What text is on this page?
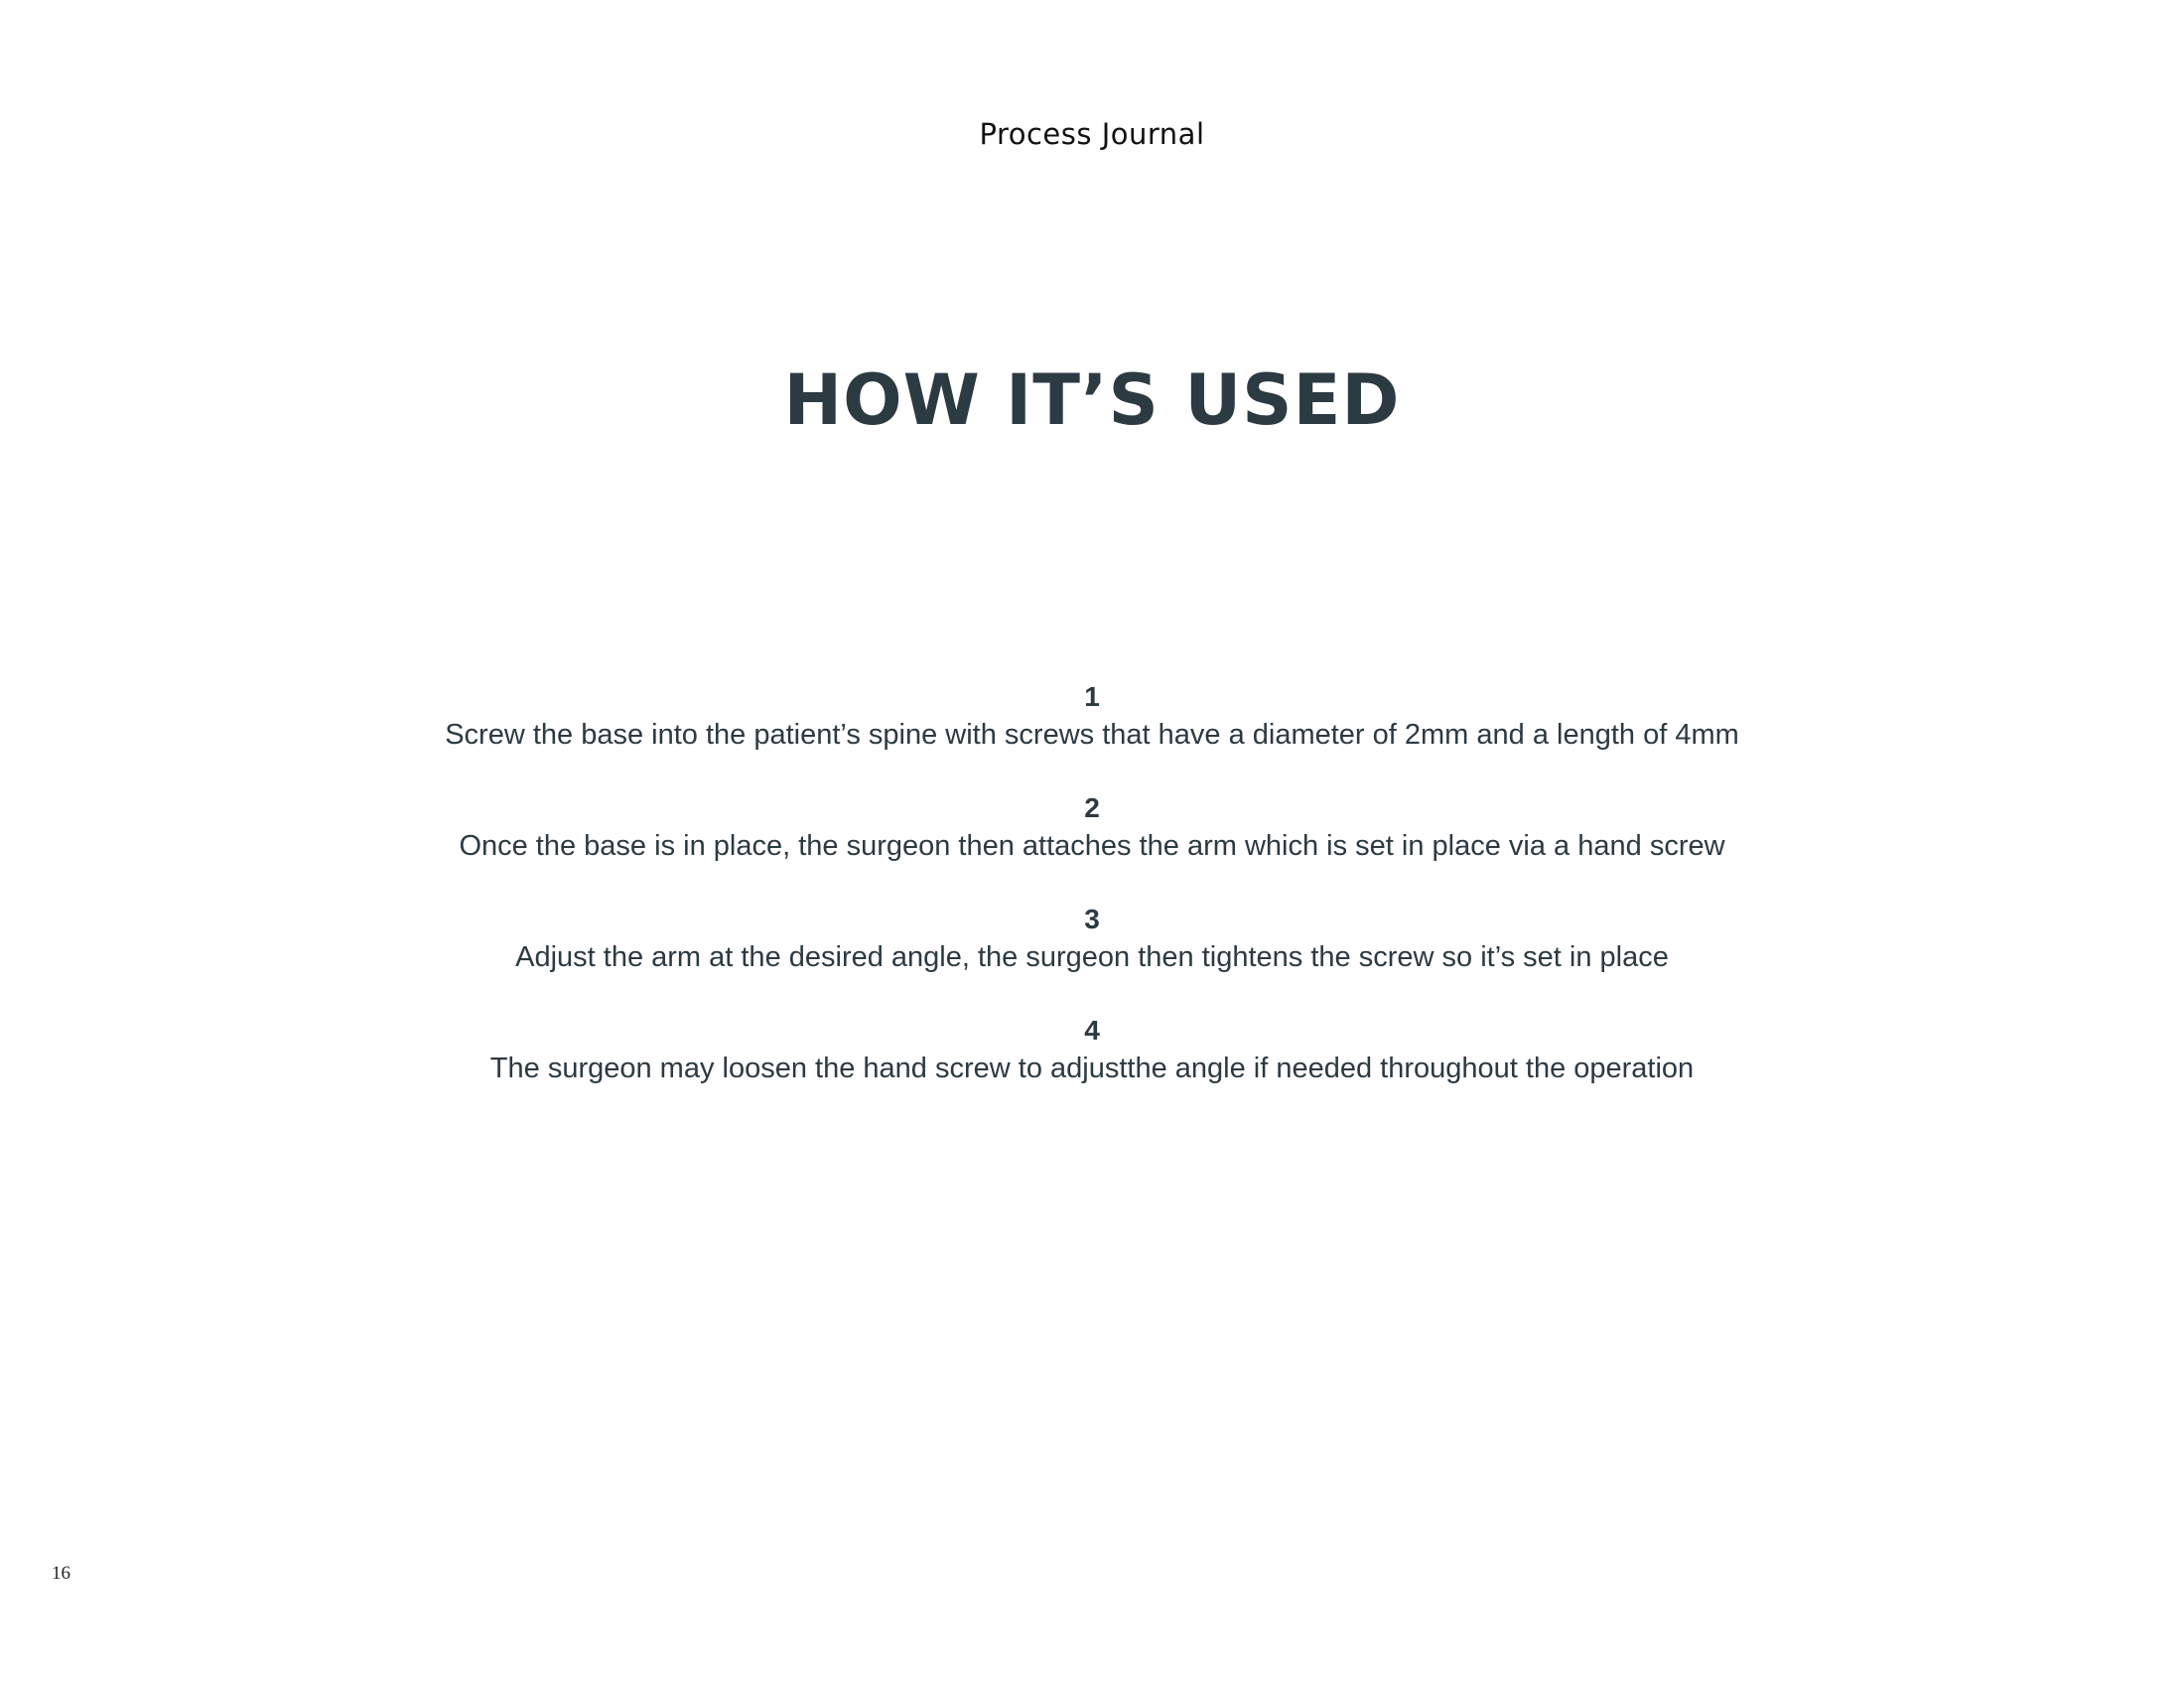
Process Journal
HOW IT’S USED
1
Screw the base into the patient’s spine with screws that have a diameter of 2mm and a length of 4mm
2
Once the base is in place, the surgeon then attaches the arm which is set in place via a hand screw
3
Adjust the arm at the desired angle, the surgeon then tightens the screw so it’s set in place
4
The surgeon may loosen the hand screw to adjustthe angle if needed throughout the operation
16
